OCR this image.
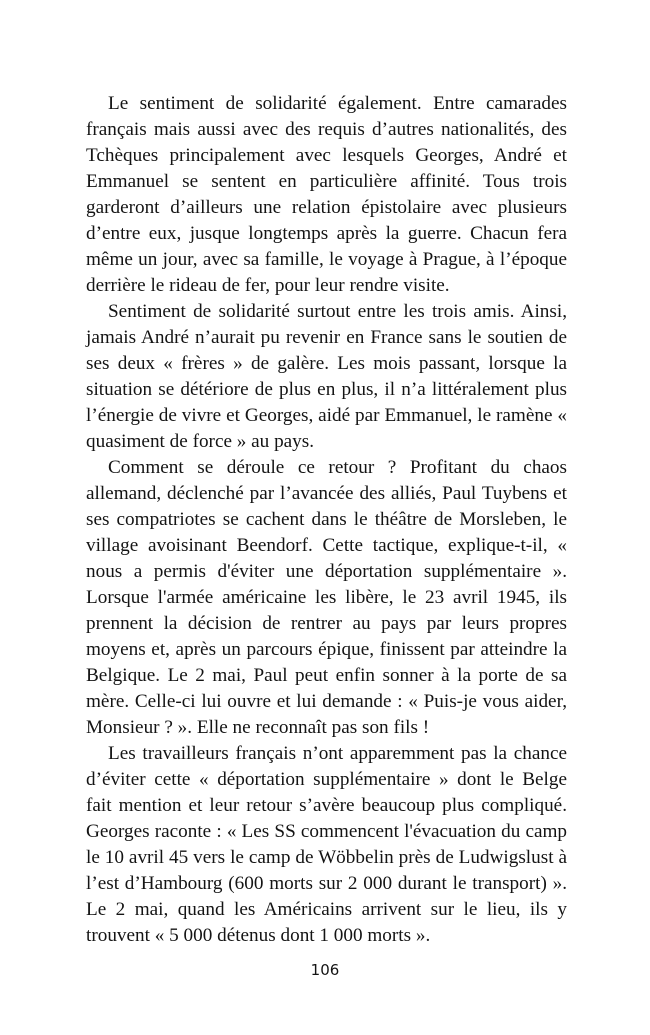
Le sentiment de solidarité également. Entre camarades français mais aussi avec des requis d’autres nationalités, des Tchèques principalement avec lesquels Georges, André et Emmanuel se sentent en particulière affinité. Tous trois garderont d’ailleurs une relation épistolaire avec plusieurs d’entre eux, jusque longtemps après la guerre. Chacun fera même un jour, avec sa famille, le voyage à Prague, à l’époque derrière le rideau de fer, pour leur rendre visite.

Sentiment de solidarité surtout entre les trois amis. Ainsi, jamais André n’aurait pu revenir en France sans le soutien de ses deux « frères » de galère. Les mois passant, lorsque la situation se détériore de plus en plus, il n’a littéralement plus l’énergie de vivre et Georges, aidé par Emmanuel, le ramène « quasiment de force » au pays.

Comment se déroule ce retour ? Profitant du chaos allemand, déclenché par l’avancée des alliés, Paul Tuybens et ses compatriotes se cachent dans le théâtre de Morsleben, le village avoisinant Beendorf. Cette tactique, explique-t-il, « nous a permis d'éviter une déportation supplémentaire ». Lorsque l'armée américaine les libère, le 23 avril 1945, ils prennent la décision de rentrer au pays par leurs propres moyens et, après un parcours épique, finissent par atteindre la Belgique. Le 2 mai, Paul peut enfin sonner à la porte de sa mère. Celle-ci lui ouvre et lui demande : « Puis-je vous aider, Monsieur ? ». Elle ne reconnaît pas son fils !

Les travailleurs français n’ont apparemment pas la chance d’éviter cette « déportation supplémentaire » dont le Belge fait mention et leur retour s’avère beaucoup plus compliqué. Georges raconte : « Les SS commencent l'évacuation du camp le 10 avril 45 vers le camp de Wöbbelin près de Ludwigslust à l’est d’Hambourg (600 morts sur 2 000 durant le transport) ». Le 2 mai, quand les Américains arrivent sur le lieu, ils y trouvent « 5 000 détenus dont 1 000 morts ».

106
